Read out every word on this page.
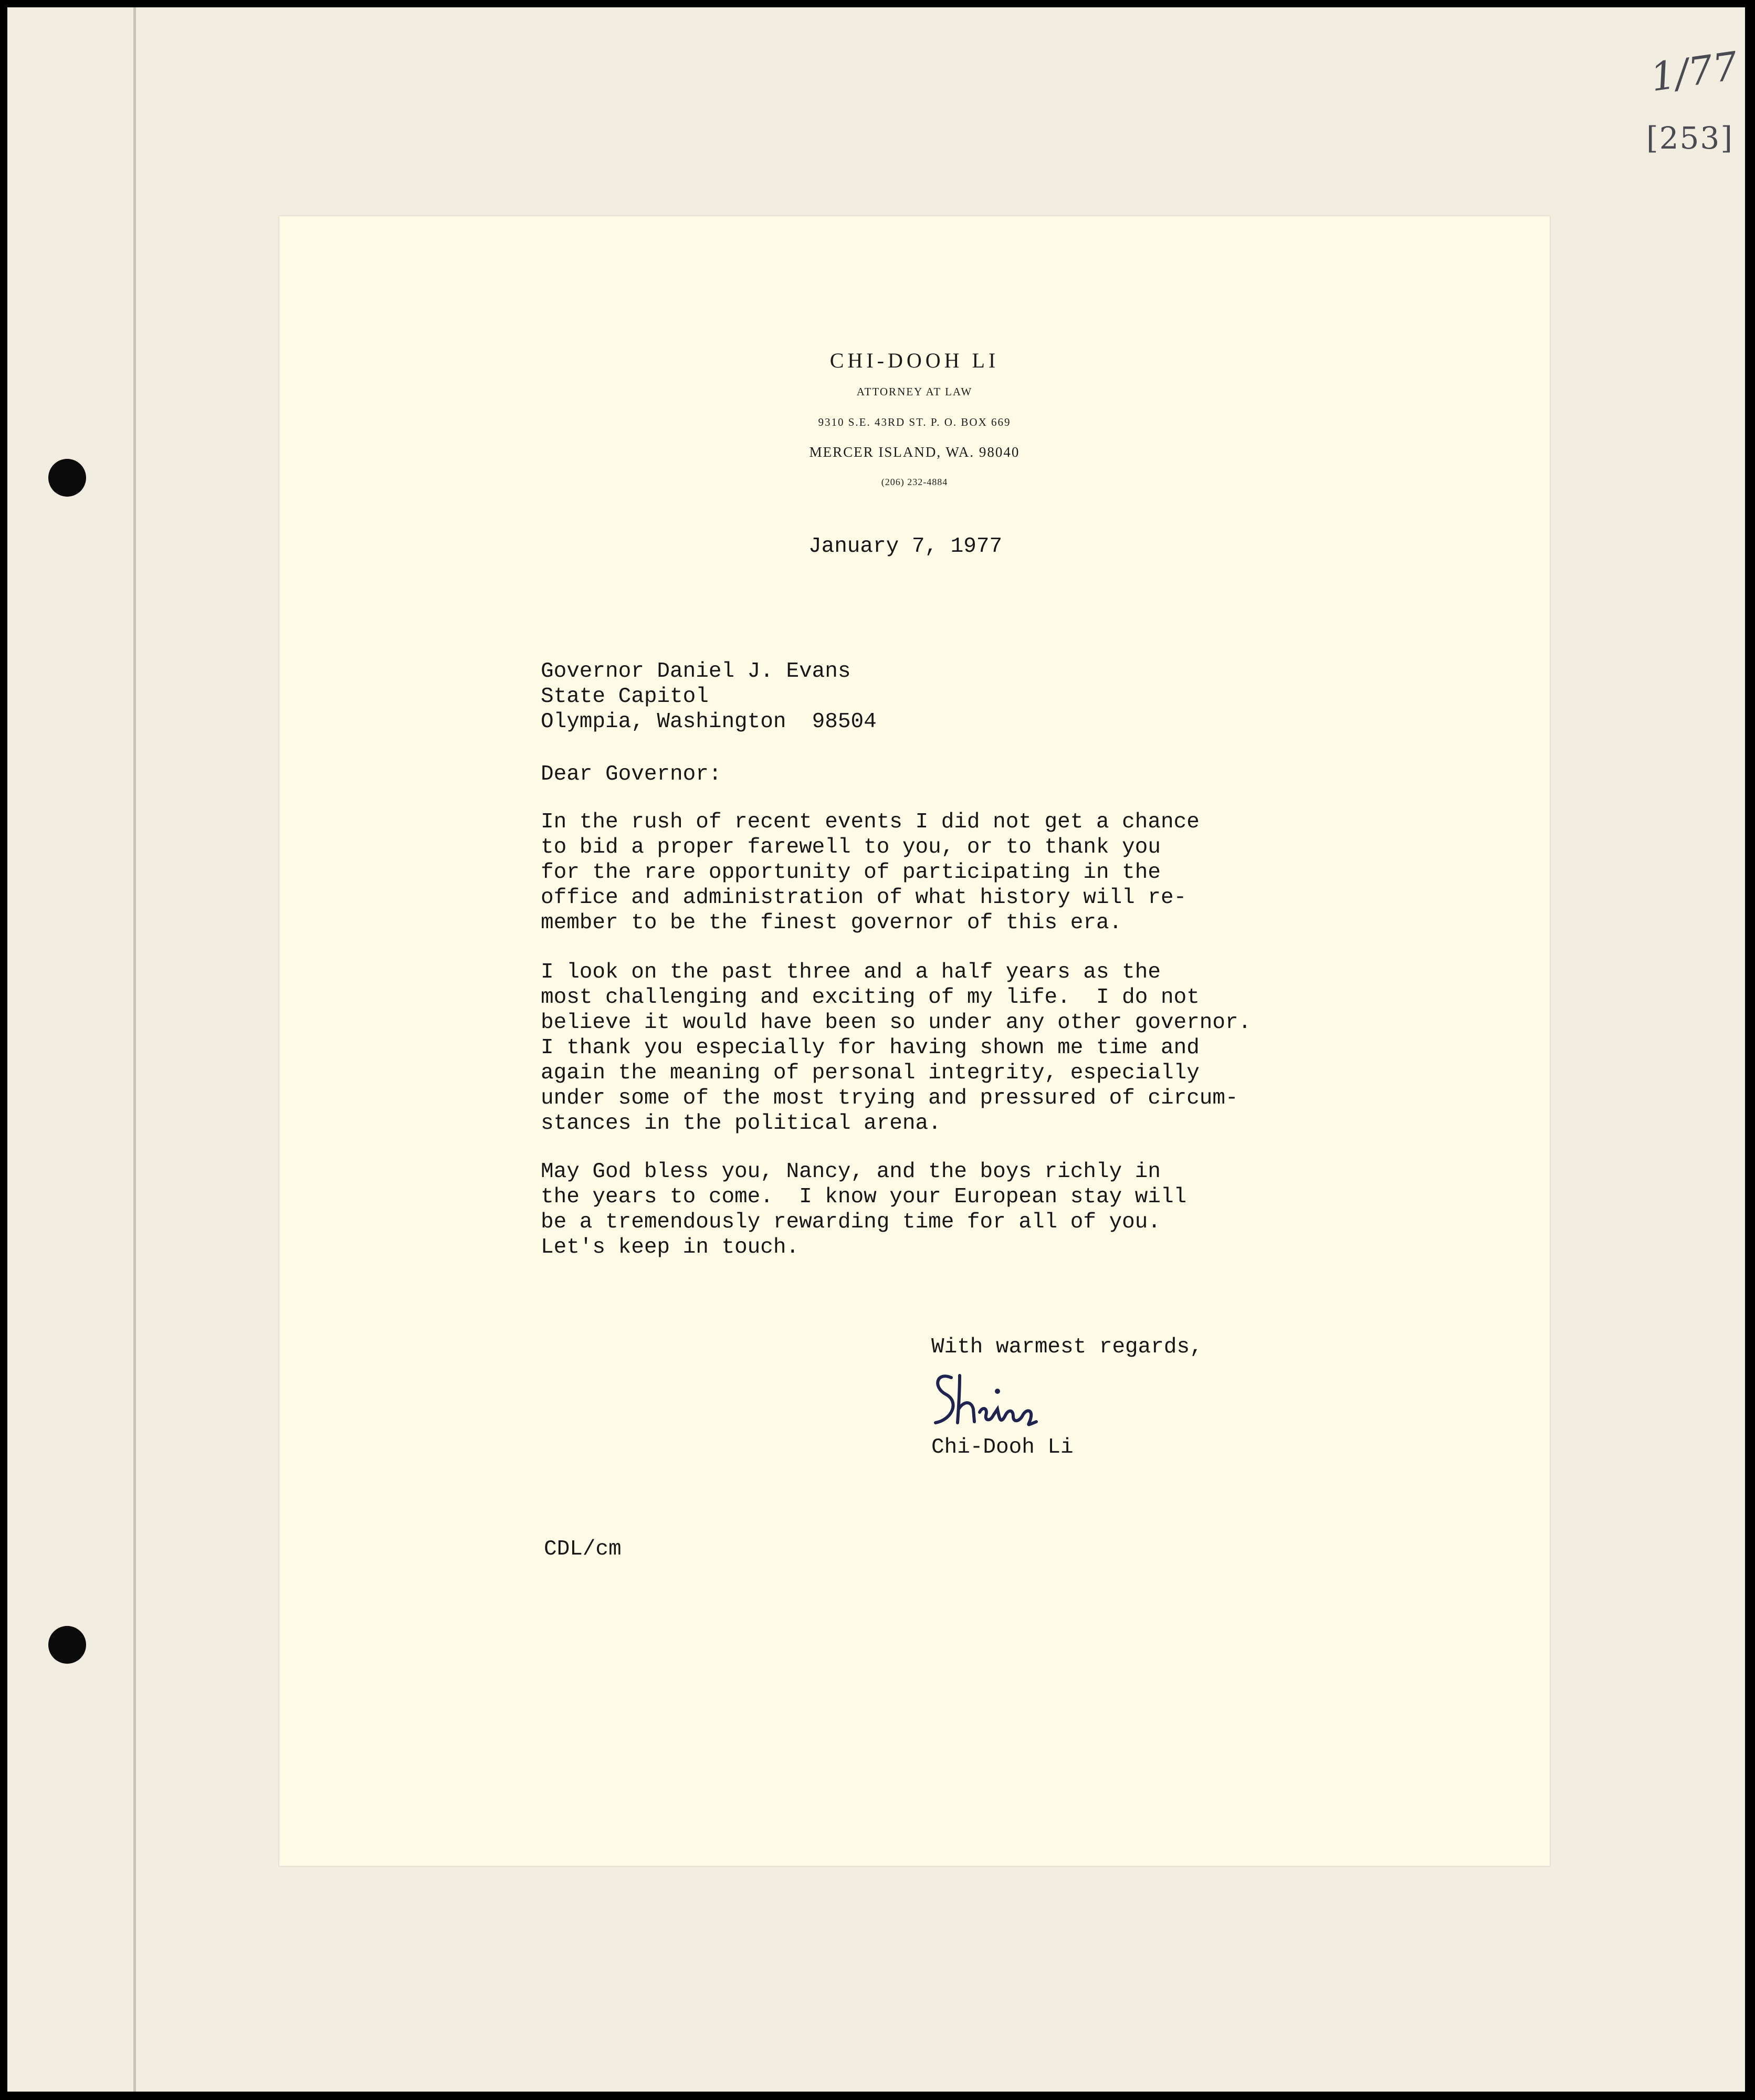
1/77
[253]
CHI-DOOH LI
ATTORNEY AT LAW
9310 S.E. 43RD ST. P. O. BOX 669
MERCER ISLAND, WA. 98040
(206) 232-4884
January 7, 1977
Governor Daniel J. Evans
State Capitol
Olympia, Washington  98504
Dear Governor:
In the rush of recent events I did not get a chance
to bid a proper farewell to you, or to thank you
for the rare opportunity of participating in the
office and administration of what history will re-
member to be the finest governor of this era.
I look on the past three and a half years as the
most challenging and exciting of my life.  I do not
believe it would have been so under any other governor.
I thank you especially for having shown me time and
again the meaning of personal integrity, especially
under some of the most trying and pressured of circum-
stances in the political arena.
May God bless you, Nancy, and the boys richly in
the years to come.  I know your European stay will
be a tremendously rewarding time for all of you.
Let's keep in touch.
With warmest regards,
Chi-Dooh Li
CDL/cm
